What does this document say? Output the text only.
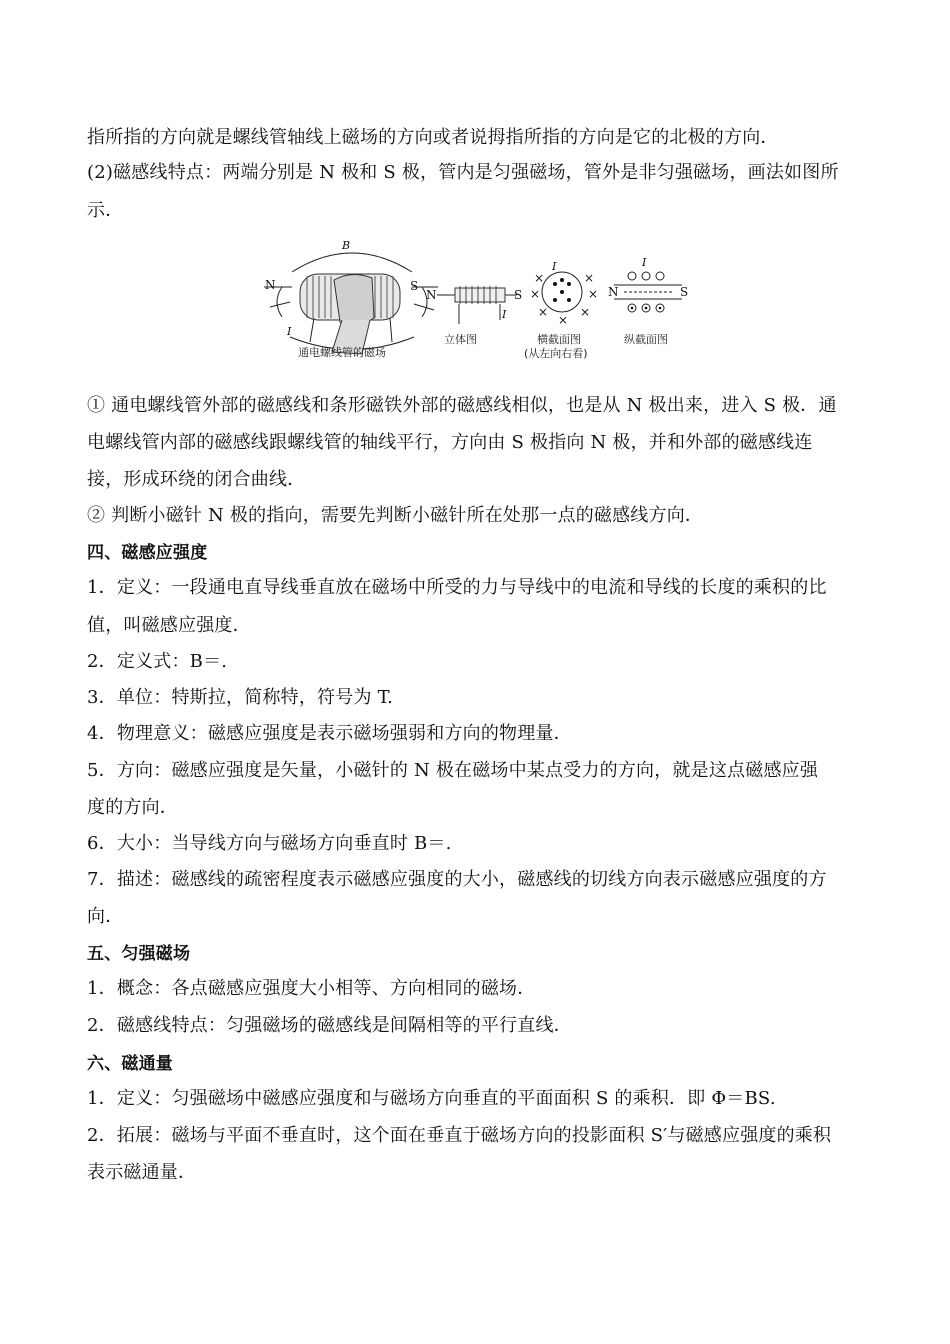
指所指的方向就是螺线管轴线上磁场的方向或者说拇指所指的方向是它的北极的方向．
(2)磁感线特点：两端分别是 N 极和 S 极，管内是匀强磁场，管外是非匀强磁场，画法如图所
示．
B
N	S
I
通电螺线管的磁场
N	S
I
立体图
×	×
×	×
×	×
×
I
横截面图
(从左向右看)
N	S
I
纵截面图
① 通电螺线管外部的磁感线和条形磁铁外部的磁感线相似，也是从 N 极出来，进入 S 极．通
电螺线管内部的磁感线跟螺线管的轴线平行，方向由 S 极指向 N 极，并和外部的磁感线连
接，形成环绕的闭合曲线．
② 判断小磁针 N 极的指向，需要先判断小磁针所在处那一点的磁感线方向．
四、磁感应强度
1．定义：一段通电直导线垂直放在磁场中所受的力与导线中的电流和导线的长度的乘积的比
值，叫磁感应强度．
2．定义式：B＝.
3．单位：特斯拉，简称特，符号为 T.
4．物理意义：磁感应强度是表示磁场强弱和方向的物理量．
5．方向：磁感应强度是矢量，小磁针的 N 极在磁场中某点受力的方向，就是这点磁感应强
度的方向．
6．大小：当导线方向与磁场方向垂直时 B＝.
7．描述：磁感线的疏密程度表示磁感应强度的大小，磁感线的切线方向表示磁感应强度的方
向．
五、匀强磁场
1．概念：各点磁感应强度大小相等、方向相同的磁场．
2．磁感线特点：匀强磁场的磁感线是间隔相等的平行直线．
六、磁通量
1．定义：匀强磁场中磁感应强度和与磁场方向垂直的平面面积 S 的乘积．即 Φ＝BS.
2．拓展：磁场与平面不垂直时，这个面在垂直于磁场方向的投影面积 S′与磁感应强度的乘积
表示磁通量．
